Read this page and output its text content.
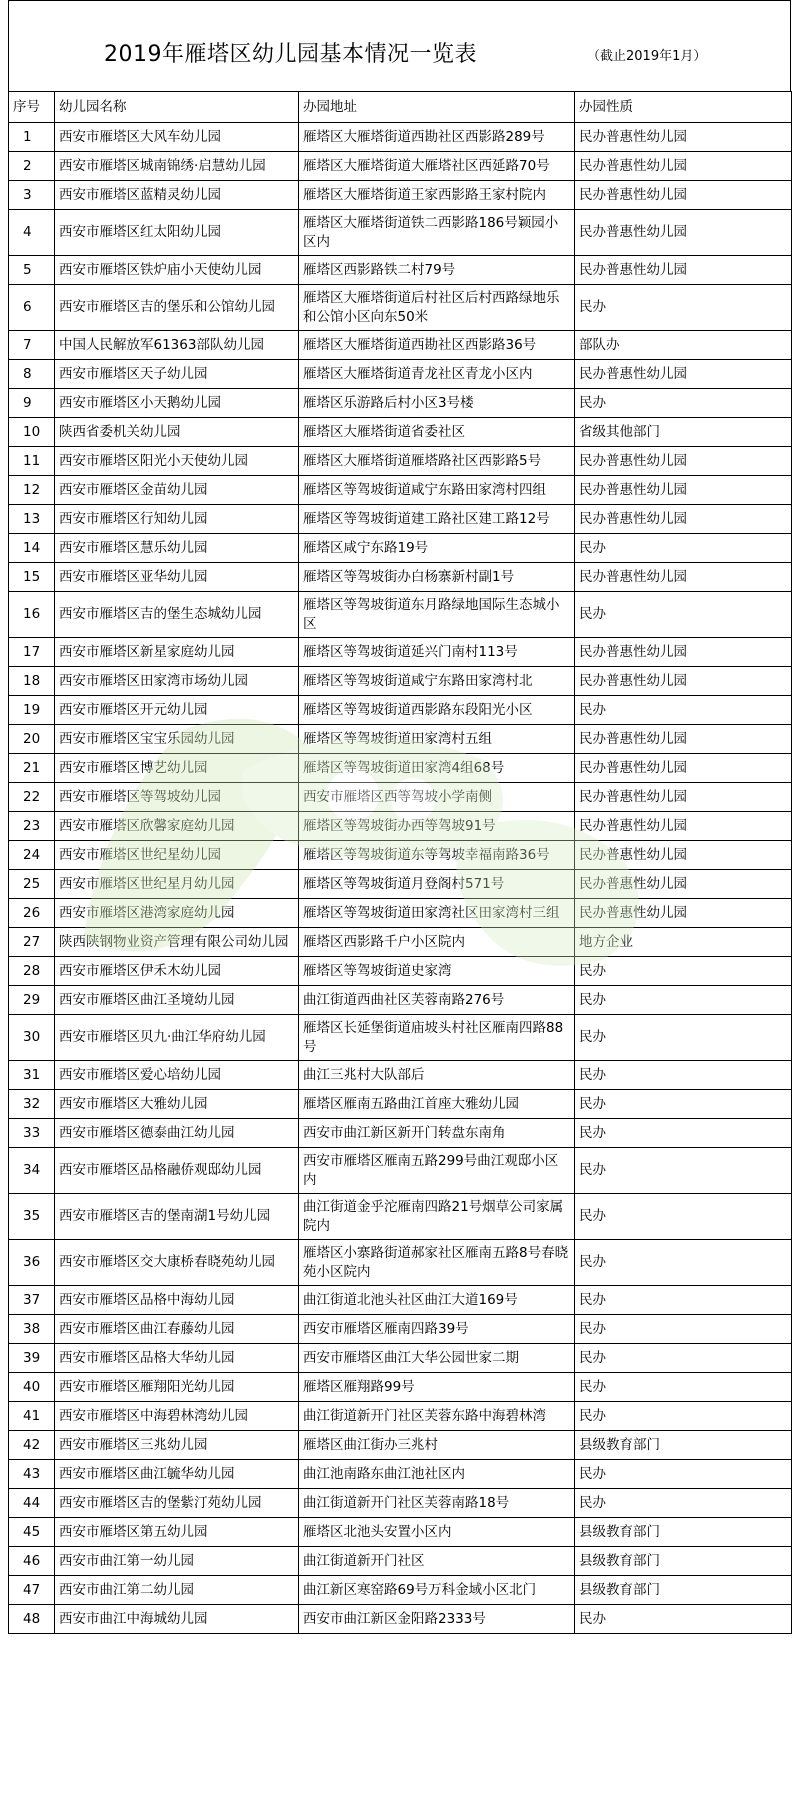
2019年雁塔区幼儿园基本情况一览表	（截止2019年1月）
序号	幼儿园名称	办园地址	办园性质
1	西安市雁塔区大风车幼儿园	雁塔区大雁塔街道西勘社区西影路289号	民办普惠性幼儿园
2	西安市雁塔区城南锦绣·启慧幼儿园	雁塔区大雁塔街道大雁塔社区西延路70号	民办普惠性幼儿园
3	西安市雁塔区蓝精灵幼儿园	雁塔区大雁塔街道王家西影路王家村院内	民办普惠性幼儿园
4	西安市雁塔区红太阳幼儿园	雁塔区大雁塔街道铁二西影路186号颖园小区内	民办普惠性幼儿园
5	西安市雁塔区铁炉庙小天使幼儿园	雁塔区西影路铁二村79号	民办普惠性幼儿园
6	西安市雁塔区吉的堡乐和公馆幼儿园	雁塔区大雁塔街道后村社区后村西路绿地乐和公馆小区向东50米	民办
7	中国人民解放军61363部队幼儿园	雁塔区大雁塔街道西勘社区西影路36号	部队办
8	西安市雁塔区天子幼儿园	雁塔区大雁塔街道青龙社区青龙小区内	民办普惠性幼儿园
9	西安市雁塔区小天鹅幼儿园	雁塔区乐游路后村小区3号楼	民办
10	陕西省委机关幼儿园	雁塔区大雁塔街道省委社区	省级其他部门
11	西安市雁塔区阳光小天使幼儿园	雁塔区大雁塔街道雁塔路社区西影路5号	民办普惠性幼儿园
12	西安市雁塔区金苗幼儿园	雁塔区等驾坡街道咸宁东路田家湾村四组	民办普惠性幼儿园
13	西安市雁塔区行知幼儿园	雁塔区等驾坡街道建工路社区建工路12号	民办普惠性幼儿园
14	西安市雁塔区慧乐幼儿园	雁塔区咸宁东路19号	民办
15	西安市雁塔区亚华幼儿园	雁塔区等驾坡街办白杨寨新村副1号	民办普惠性幼儿园
16	西安市雁塔区吉的堡生态城幼儿园	雁塔区等驾坡街道东月路绿地国际生态城小区	民办
17	西安市雁塔区新星家庭幼儿园	雁塔区等驾坡街道延兴门南村113号	民办普惠性幼儿园
18	西安市雁塔区田家湾市场幼儿园	雁塔区等驾坡街道咸宁东路田家湾村北	民办普惠性幼儿园
19	西安市雁塔区开元幼儿园	雁塔区等驾坡街道西影路东段阳光小区	民办
20	西安市雁塔区宝宝乐园幼儿园	雁塔区等驾坡街道田家湾村五组	民办普惠性幼儿园
21	西安市雁塔区博艺幼儿园	雁塔区等驾坡街道田家湾4组68号	民办普惠性幼儿园
22	西安市雁塔区等驾坡幼儿园	西安市雁塔区西等驾坡小学南侧	民办普惠性幼儿园
23	西安市雁塔区欣馨家庭幼儿园	雁塔区等驾坡街办西等驾坡91号	民办普惠性幼儿园
24	西安市雁塔区世纪星幼儿园	雁塔区等驾坡街道东等驾坡幸福南路36号	民办普惠性幼儿园
25	西安市雁塔区世纪星月幼儿园	雁塔区等驾坡街道月登阁村571号	民办普惠性幼儿园
26	西安市雁塔区港湾家庭幼儿园	雁塔区等驾坡街道田家湾社区田家湾村三组	民办普惠性幼儿园
27	陕西陕钢物业资产管理有限公司幼儿园	雁塔区西影路千户小区院内	地方企业
28	西安市雁塔区伊禾木幼儿园	雁塔区等驾坡街道史家湾	民办
29	西安市雁塔区曲江圣境幼儿园	曲江街道西曲社区芙蓉南路276号	民办
30	西安市雁塔区贝九·曲江华府幼儿园	雁塔区长延堡街道庙坡头村社区雁南四路88号	民办
31	西安市雁塔区爱心培幼儿园	曲江三兆村大队部后	民办
32	西安市雁塔区大雅幼儿园	雁塔区雁南五路曲江首座大雅幼儿园	民办
33	西安市雁塔区德泰曲江幼儿园	西安市曲江新区新开门转盘东南角	民办
34	西安市雁塔区品格融侨观邸幼儿园	西安市雁塔区雁南五路299号曲江观邸小区内	民办
35	西安市雁塔区吉的堡南湖1号幼儿园	曲江街道金乎沱雁南四路21号烟草公司家属院内	民办
36	西安市雁塔区交大康桥春晓苑幼儿园	雁塔区小寨路街道郝家社区雁南五路8号春晓苑小区院内	民办
37	西安市雁塔区品格中海幼儿园	曲江街道北池头社区曲江大道169号	民办
38	西安市雁塔区曲江春藤幼儿园	西安市雁塔区雁南四路39号	民办
39	西安市雁塔区品格大华幼儿园	西安市雁塔区曲江大华公园世家二期	民办
40	西安市雁塔区雁翔阳光幼儿园	雁塔区雁翔路99号	民办
41	西安市雁塔区中海碧林湾幼儿园	曲江街道新开门社区芙蓉东路中海碧林湾	民办
42	西安市雁塔区三兆幼儿园	雁塔区曲江街办三兆村	县级教育部门
43	西安市雁塔区曲江毓华幼儿园	曲江池南路东曲江池社区内	民办
44	西安市雁塔区吉的堡紫汀苑幼儿园	曲江街道新开门社区芙蓉南路18号	民办
45	西安市雁塔区第五幼儿园	雁塔区北池头安置小区内	县级教育部门
46	西安市曲江第一幼儿园	曲江街道新开门社区	县级教育部门
47	西安市曲江第二幼儿园	曲江新区寒窑路69号万科金域小区北门	县级教育部门
48	西安市曲江中海城幼儿园	西安市曲江新区金阳路2333号	民办
